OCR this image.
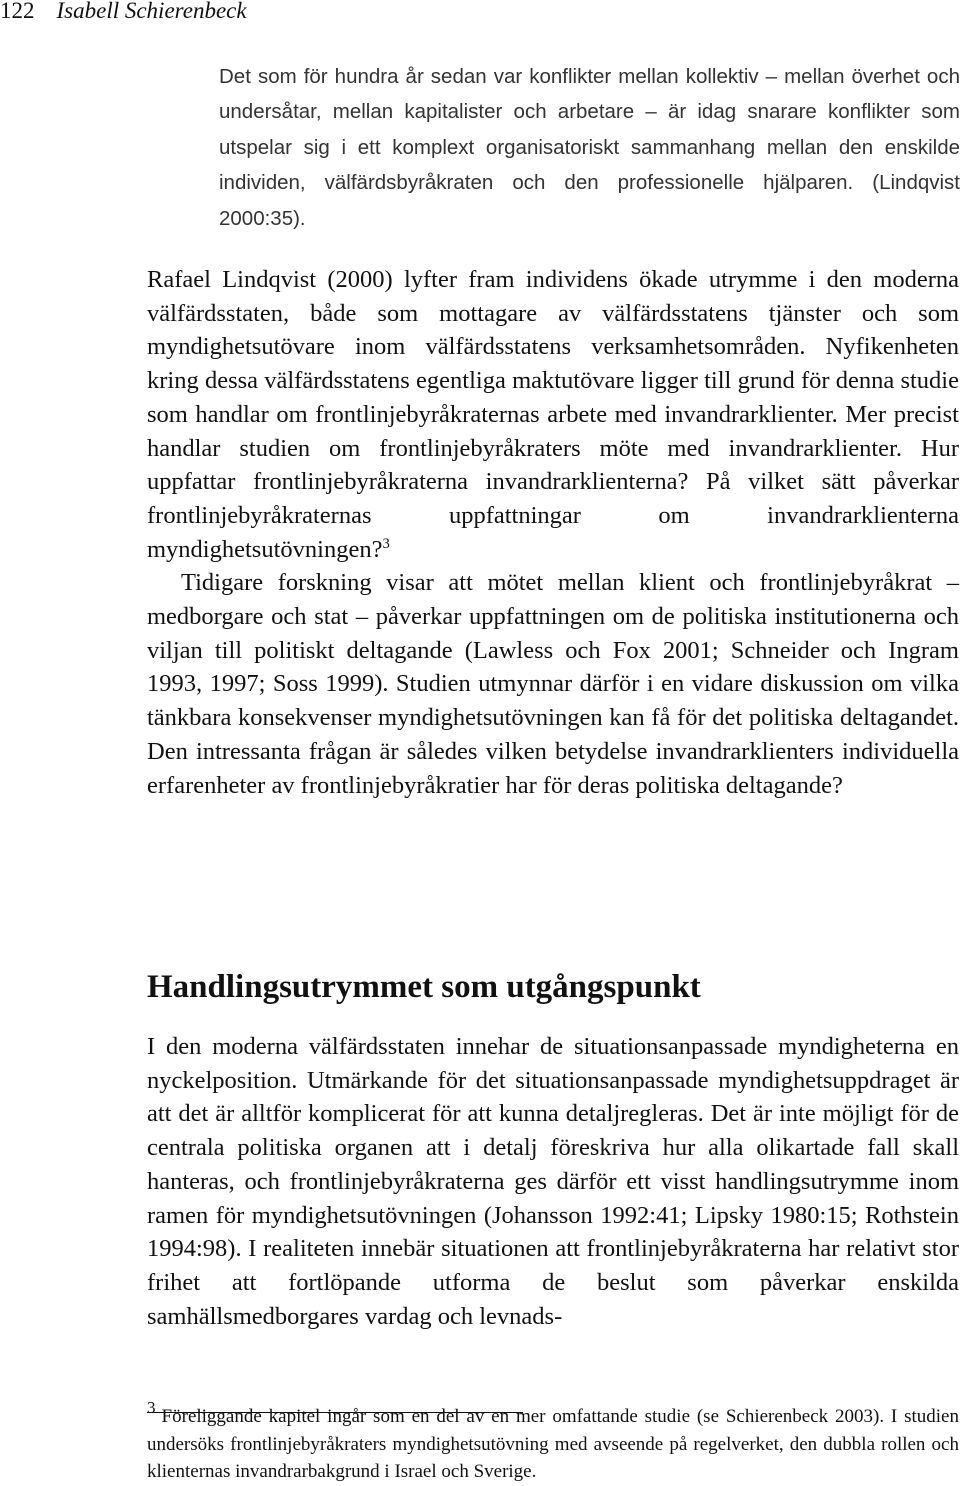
122 Isabell Schierenbeck
Det som för hundra år sedan var konflikter mellan kollektiv – mellan överhet och undersåtar, mellan kapitalister och arbetare – är idag snarare konflikter som utspelar sig i ett komplext organisatoriskt sammanhang mellan den enskilde individen, välfärdsbyråkraten och den professionelle hjälparen. (Lindqvist 2000:35).

Rafael Lindqvist (2000) lyfter fram individens ökade utrymme i den moderna välfärdsstaten, både som mottagare av välfärdsstatens tjänster och som myndighetsutövare inom välfärdsstatens verksamhetsområden. Nyfikenheten kring dessa välfärdsstatens egentliga maktutövare ligger till grund för denna studie som handlar om frontlinjebyråkraternas arbete med invandrarklienter. Mer precist handlar studien om frontlinjebyråkraters möte med invandrarklienter. Hur uppfattar frontlinjebyråkraterna invandrarklienterna? På vilket sätt påverkar frontlinjebyråkraternas uppfattningar om invandrarklienterna myndighetsutövningen?$^3$

Tidigare forskning visar att mötet mellan klient och frontlinjebyråkrat – medborgare och stat – påverkar uppfattningen om de politiska institutionerna och viljan till politiskt deltagande (Lawless och Fox 2001; Schneider och Ingram 1993, 1997; Soss 1999). Studien utmynnar därför i en vidare diskussion om vilka tänkbara konsekvenser myndighetsutövningen kan få för det politiska deltagandet. Den intressanta frågan är således vilken betydelse invandrarklienters individuella erfarenheter av frontlinjebyråkratier har för deras politiska deltagande?

Handlingsutrymmet som utgångspunkt

I den moderna välfärdsstaten innehar de situationsanpassade myndigheterna en nyckelposition. Utmärkande för det situationsanpassade myndighetsuppdraget är att det är alltför komplicerat för att kunna detaljregleras. Det är inte möjligt för de centrala politiska organen att i detalj föreskriva hur alla olikartade fall skall hanteras, och frontlinjebyråkraterna ges därför ett visst handlingsutrymme inom ramen för myndighetsutövningen (Johansson 1992:41; Lipsky 1980:15; Rothstein 1994:98). I realiteten innebär situationen att frontlinjebyråkraterna har relativt stor frihet att fortlöpande utforma de beslut som påverkar enskilda samhällsmedborgares vardag och levnads-

$^3$ Föreliggande kapitel ingår som en del av en mer omfattande studie (se Schierenbeck 2003). I studien undersöks frontlinjebyråkraters myndighetsutövning med avseende på regelverket, den dubbla rollen och klienternas invandrarbakgrund i Israel och Sverige.
